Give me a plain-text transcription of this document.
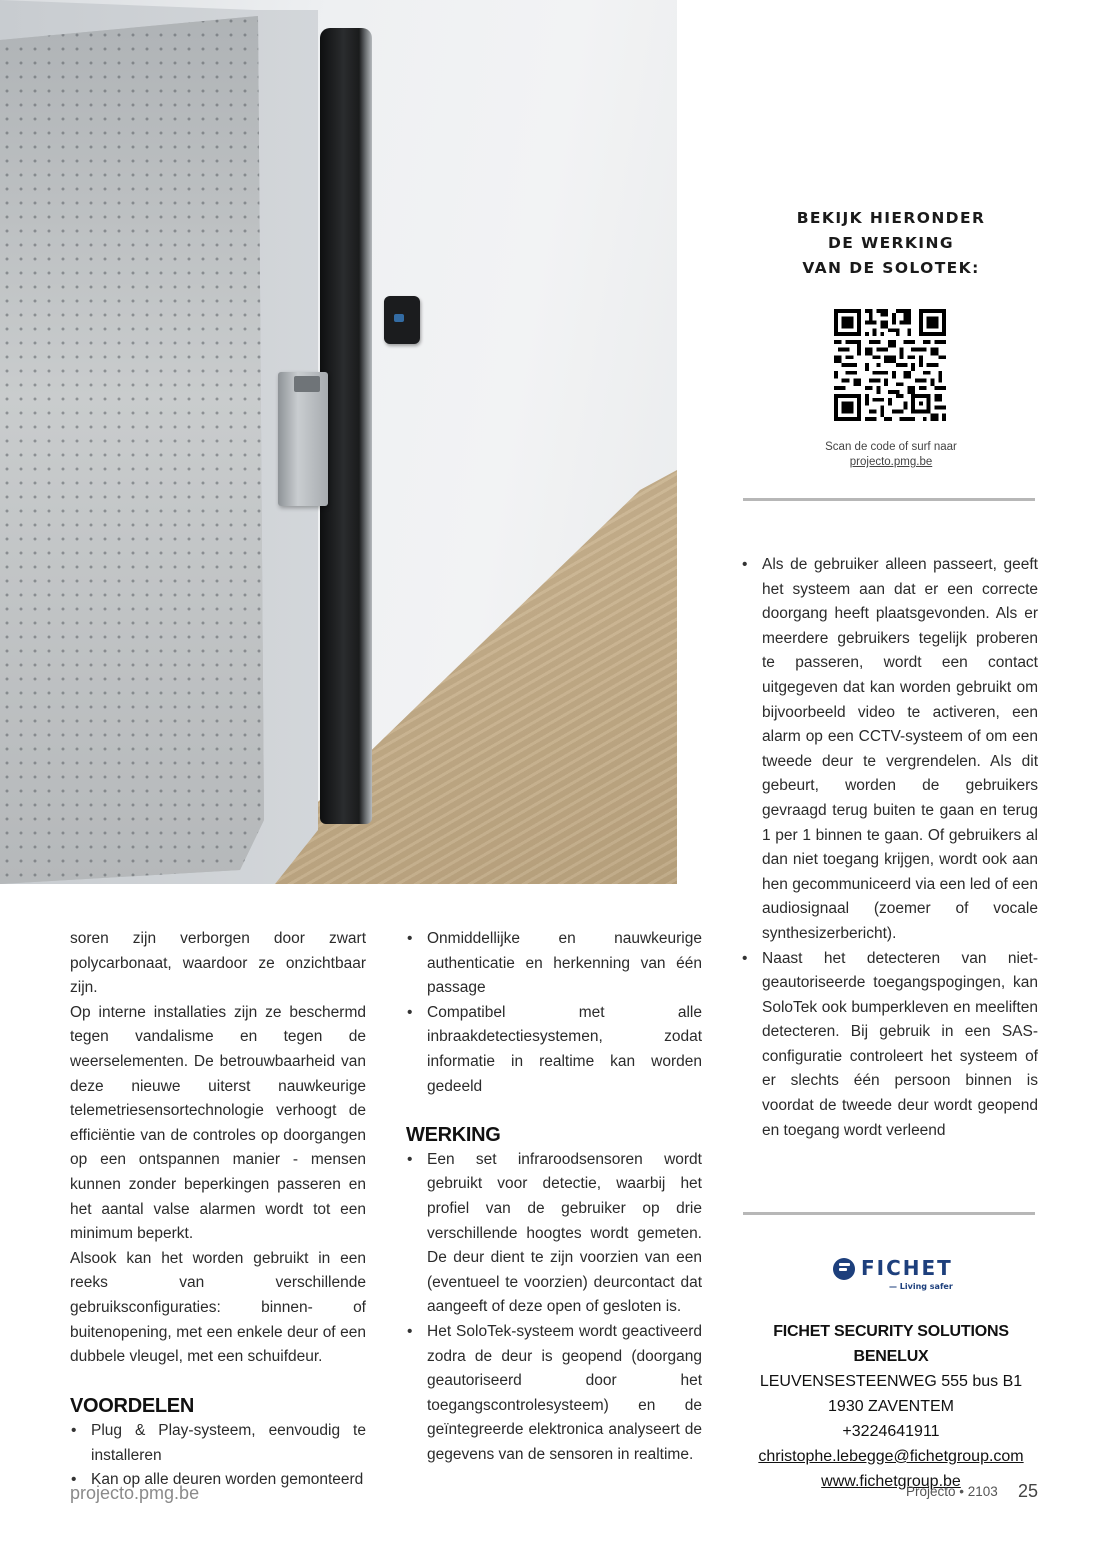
BEKIJK HIERONDER
DE WERKING
VAN DE SOLOTEK:
Scan de code of surf naar
projecto.pmg.be

• Als de gebruiker alleen passeert, geeft het systeem aan dat er een correcte doorgang heeft plaatsgevonden. Als er meerdere gebruikers tegelijk proberen te passeren, wordt een contact uitgegeven dat kan worden gebruikt om bijvoorbeeld video te activeren, een alarm op een CCTV-systeem of om een tweede deur te vergrendelen. Als dit gebeurt, worden de gebruikers gevraagd terug buiten te gaan en terug 1 per 1 binnen te gaan. Of gebruikers al dan niet toegang krijgen, wordt ook aan hen gecommuniceerd via een led of een audiosignaal (zoemer of vocale synthesizerbericht).

• Naast het detecteren van niet-geautoriseerde toegangspogingen, kan SoloTek ook bumperkleven en meeliften detecteren. Bij gebruik in een SAS-configuratie controleert het systeem of er slechts één persoon binnen is voordat de tweede deur wordt geopend en toegang wordt verleend

soren zijn verborgen door zwart polycarbonaat, waardoor ze onzichtbaar zijn.

Op interne installaties zijn ze beschermd tegen vandalisme en tegen de weerselementen. De betrouwbaarheid van deze nieuwe uiterst nauwkeurige telemetriesensortechnologie verhoogt de efficiëntie van de controles op doorgangen op een ontspannen manier - mensen kunnen zonder beperkingen passeren en het aantal valse alarmen wordt tot een minimum beperkt.

Alsook kan het worden gebruikt in een reeks van verschillende gebruiksconfiguraties: binnen- of buitenopening, met een enkele deur of een dubbele vleugel, met een schuifdeur.

VOORDELEN

• Plug & Play-systeem, eenvoudig te installeren

• Kan op alle deuren worden gemonteerd

• Onmiddellijke en nauwkeurige authenticatie en herkenning van één passage

• Compatibel met alle inbraakdetectiesystemen, zodat informatie in realtime kan worden gedeeld

WERKING

• Een set infraroodsensoren wordt gebruikt voor detectie, waarbij het profiel van de gebruiker op drie verschillende hoogtes wordt gemeten. De deur dient te zijn voorzien van een (eventueel te voorzien) deurcontact dat aangeeft of deze open of gesloten is.

• Het SoloTek-systeem wordt geactiveerd zodra de deur is geopend (doorgang geautoriseerd door het toegangscontrolesysteem) en de geïntegreerde elektronica analyseert de gegevens van de sensoren in realtime.

FICHET
— Living safer
FICHET SECURITY SOLUTIONS BENELUX
LEUVENSESTEENWEG 555 bus B1
1930 ZAVENTEM
+3224641911
christophe.lebegge@fichetgroup.com
www.fichetgroup.be
projecto.pmg.be	Projecto • 2103 25
